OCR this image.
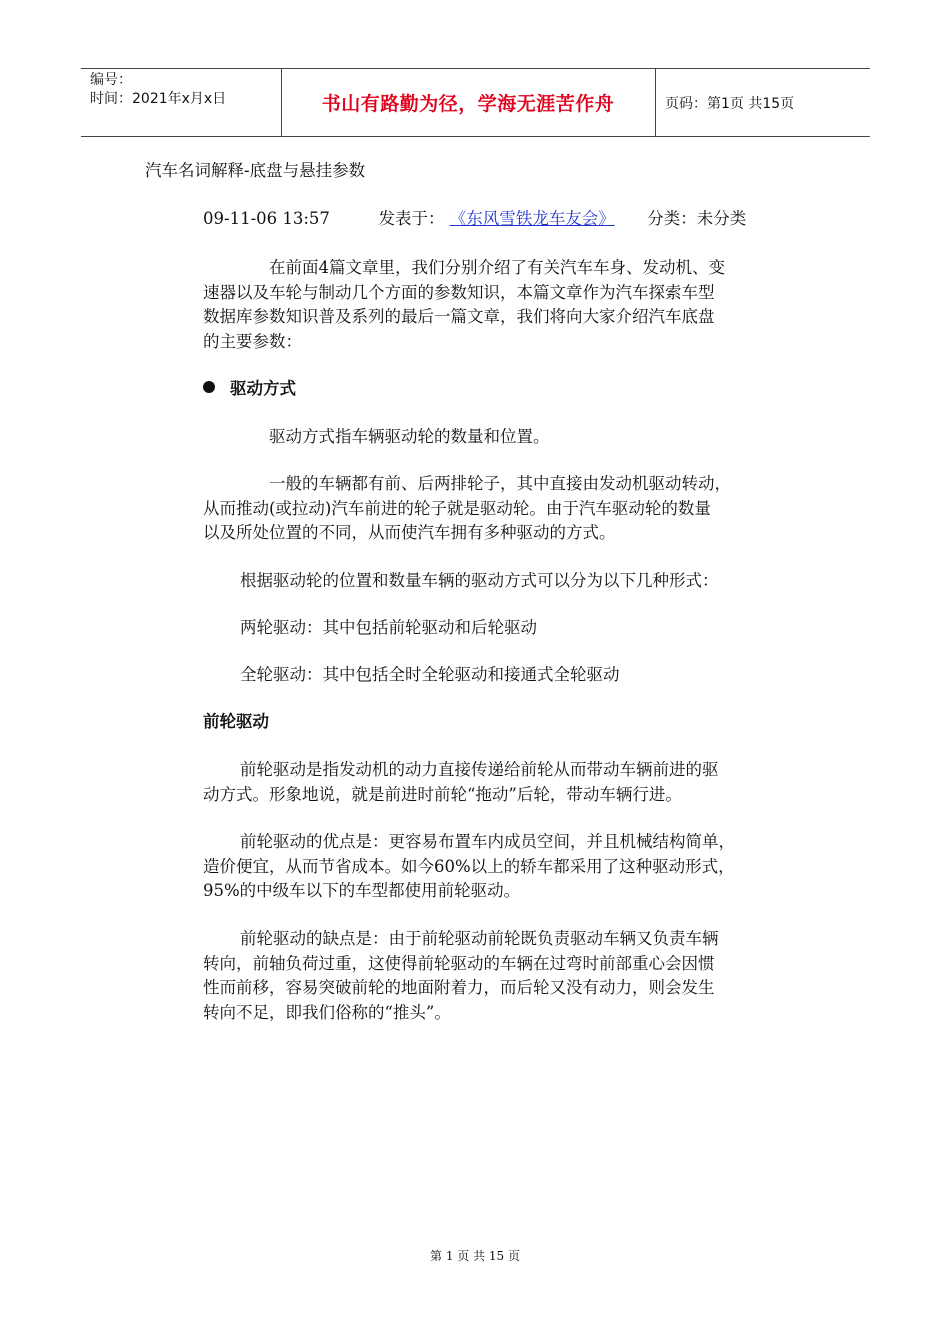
编号：
时间：2021年x月x日	书山有路勤为径，学海无涯苦作舟	页码：第1页 共15页
汽车名词解释-底盘与悬挂参数
09-11-06 13:57	发表于： 《东风雪铁龙车友会》 分类：未分类
在前面4篇文章里，我们分别介绍了有关汽车车身、发动机、变
速器以及车轮与制动几个方面的参数知识，本篇文章作为汽车探索车型
数据库参数知识普及系列的最后一篇文章，我们将向大家介绍汽车底盘
的主要参数：
驱动方式
驱动方式指车辆驱动轮的数量和位置。
一般的车辆都有前、后两排轮子，其中直接由发动机驱动转动，
从而推动(或拉动)汽车前进的轮子就是驱动轮。由于汽车驱动轮的数量
以及所处位置的不同，从而使汽车拥有多种驱动的方式。
根据驱动轮的位置和数量车辆的驱动方式可以分为以下几种形式：
两轮驱动：其中包括前轮驱动和后轮驱动
全轮驱动：其中包括全时全轮驱动和接通式全轮驱动
前轮驱动
前轮驱动是指发动机的动力直接传递给前轮从而带动车辆前进的驱
动方式。形象地说，就是前进时前轮“拖动”后轮，带动车辆行进。
前轮驱动的优点是：更容易布置车内成员空间，并且机械结构简单，
造价便宜，从而节省成本。如今60%以上的轿车都采用了这种驱动形式，
95%的中级车以下的车型都使用前轮驱动。
前轮驱动的缺点是：由于前轮驱动前轮既负责驱动车辆又负责车辆
转向，前轴负荷过重，这使得前轮驱动的车辆在过弯时前部重心会因惯
性而前移，容易突破前轮的地面附着力，而后轮又没有动力，则会发生
转向不足，即我们俗称的“推头”。
第 1 页 共 15 页
